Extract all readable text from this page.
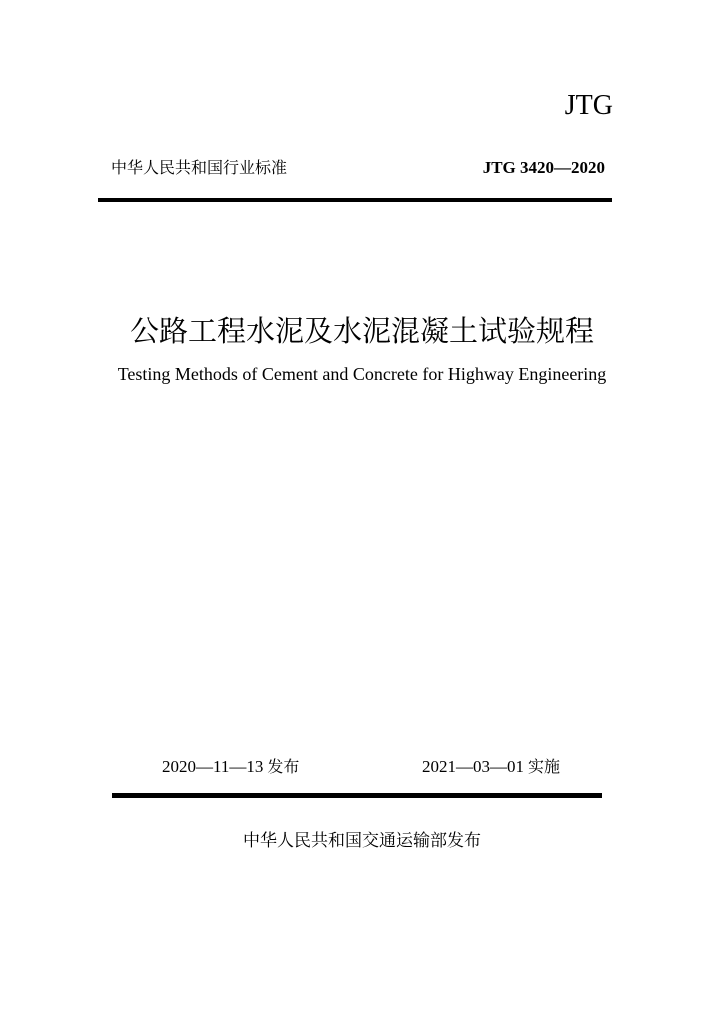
JTG
中华人民共和国行业标准	JTG 3420—2020
公路工程水泥及水泥混凝土试验规程
Testing Methods of Cement and Concrete for Highway Engineering
2020—11—13 发布	2021—03—01 实施
中华人民共和国交通运输部发布
